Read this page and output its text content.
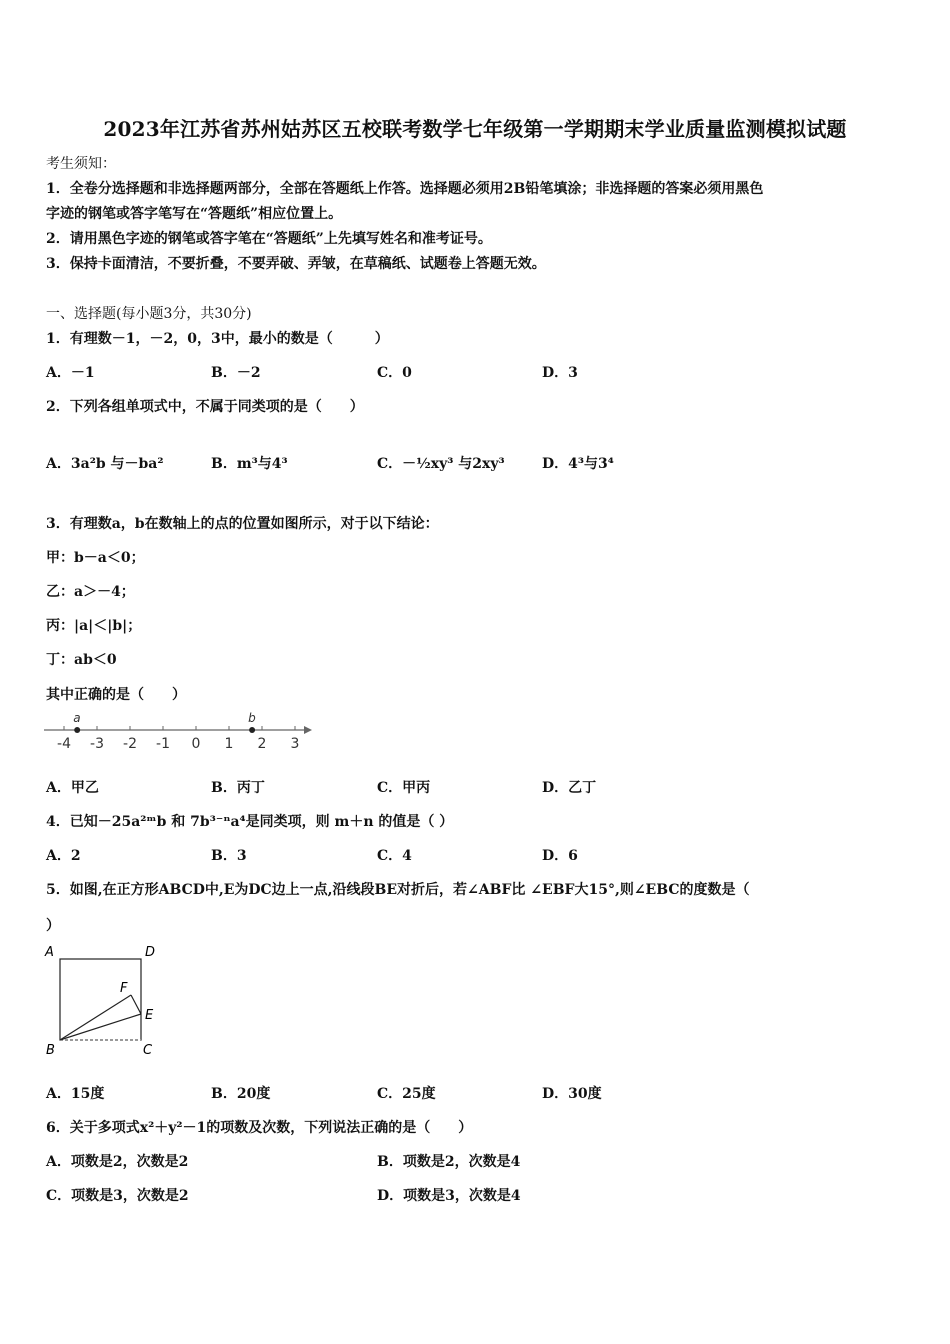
2023年江苏省苏州姑苏区五校联考数学七年级第一学期期末学业质量监测模拟试题
考生须知：
1．全卷分选择题和非选择题两部分，全部在答题纸上作答。选择题必须用2B铅笔填涂；非选择题的答案必须用黑色
字迹的钢笔或答字笔写在“答题纸”相应位置上。
2．请用黑色字迹的钢笔或答字笔在“答题纸”上先填写姓名和准考证号。
3．保持卡面清洁，不要折叠，不要弄破、弄皱，在草稿纸、试题卷上答题无效。
一、选择题(每小题3分，共30分)
1．有理数－1，－2，0，3中，最小的数是（　　　）
A．－1	B．－2	C．0	D．3
2．下列各组单项式中，不属于同类项的是（　　）
A．3a²b 与－ba²	B．m³与4³	C．－½xy³ 与2xy³	D．4³与3⁴
3．有理数a，b在数轴上的点的位置如图所示，对于以下结论：
甲：b－a＜0；
乙：a＞－4；
丙：|a|＜|b|；
丁：ab＜0
其中正确的是（　　）
-4 -3 -2 -1 0 1 2 3
a	b
A．甲乙	B．丙丁	C．甲丙	D．乙丁
4．已知－25a²ᵐb 和 7b³⁻ⁿa⁴是同类项，则 m＋n 的值是（ ）
A．2	B．3	C．4	D．6
5．如图,在正方形ABCD中,E为DC边上一点,沿线段BE对折后，若∠ABF比 ∠EBF大15°,则∠EBC的度数是（
）
A	D
F
E
B	C
A．15度	B．20度	C．25度	D．30度
6．关于多项式x²＋y²－1的项数及次数，下列说法正确的是（　　）
A．项数是2，次数是2	B．项数是2，次数是4
C．项数是3，次数是2	D．项数是3，次数是4
